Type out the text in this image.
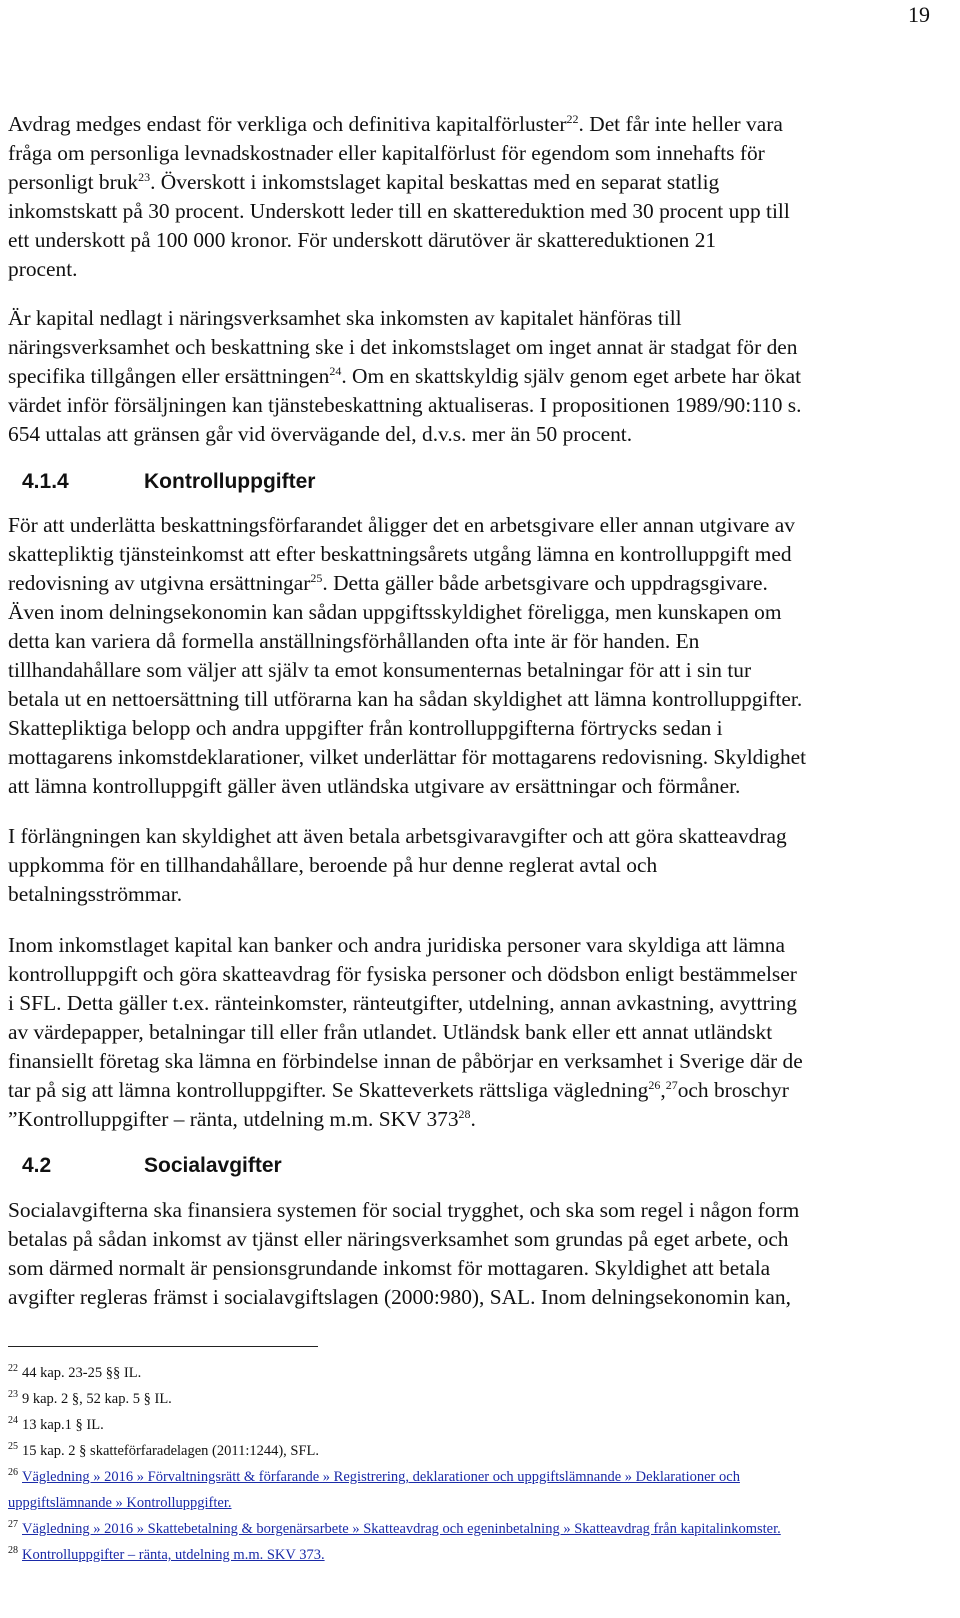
19
Avdrag medges endast för verkliga och definitiva kapitalförluster$^{22}$. Det får inte heller vara
fråga om personliga levnadskostnader eller kapitalförlust för egendom som innehafts för
personligt bruk$^{23}$. Överskott i inkomstslaget kapital beskattas med en separat statlig
inkomstskatt på 30 procent. Underskott leder till en skattereduktion med 30 procent upp till
ett underskott på 100 000 kronor. För underskott därutöver är skattereduktionen 21
procent.
Är kapital nedlagt i näringsverksamhet ska inkomsten av kapitalet hänföras till
näringsverksamhet och beskattning ske i det inkomstslaget om inget annat är stadgat för den
specifika tillgången eller ersättningen$^{24}$. Om en skattskyldig själv genom eget arbete har ökat
värdet inför försäljningen kan tjänstebeskattning aktualiseras. I propositionen 1989/90:110 s.
654 uttalas att gränsen går vid övervägande del, d.v.s. mer än 50 procent.
4.1.4	Kontrolluppgifter
För att underlätta beskattningsförfarandet åligger det en arbetsgivare eller annan utgivare av
skattepliktig tjänsteinkomst att efter beskattningsårets utgång lämna en kontrolluppgift med
redovisning av utgivna ersättningar$^{25}$. Detta gäller både arbetsgivare och uppdragsgivare.
Även inom delningsekonomin kan sådan uppgiftsskyldighet föreligga, men kunskapen om
detta kan variera då formella anställningsförhållanden ofta inte är för handen. En
tillhandahållare som väljer att själv ta emot konsumenternas betalningar för att i sin tur
betala ut en nettoersättning till utförarna kan ha sådan skyldighet att lämna kontrolluppgifter.
Skattepliktiga belopp och andra uppgifter från kontrolluppgifterna förtrycks sedan i
mottagarens inkomstdeklarationer, vilket underlättar för mottagarens redovisning. Skyldighet
att lämna kontrolluppgift gäller även utländska utgivare av ersättningar och förmåner.
I förlängningen kan skyldighet att även betala arbetsgivaravgifter och att göra skatteavdrag
uppkomma för en tillhandahållare, beroende på hur denne reglerat avtal och
betalningsströmmar.
Inom inkomstlaget kapital kan banker och andra juridiska personer vara skyldiga att lämna
kontrolluppgift och göra skatteavdrag för fysiska personer och dödsbon enligt bestämmelser
i SFL. Detta gäller t.ex. ränteinkomster, ränteutgifter, utdelning, annan avkastning, avyttring
av värdepapper, betalningar till eller från utlandet. Utländsk bank eller ett annat utländskt
finansiellt företag ska lämna en förbindelse innan de påbörjar en verksamhet i Sverige där de
tar på sig att lämna kontrolluppgifter. Se Skatteverkets rättsliga vägledning$^{26}$,$^{27}$och broschyr
”Kontrolluppgifter – ränta, utdelning m.m. SKV $373^{28}$.
4.2	Socialavgifter
Socialavgifterna ska finansiera systemen för social trygghet, och ska som regel i någon form
betalas på sådan inkomst av tjänst eller näringsverksamhet som grundas på eget arbete, och
som därmed normalt är pensionsgrundande inkomst för mottagaren. Skyldighet att betala
avgifter regleras främst i socialavgiftslagen (2000:980), SAL. Inom delningsekonomin kan,
$^{22}$ 44 kap. 23-25 §§ IL.
$^{23}$ 9 kap. 2 §, 52 kap. 5 § IL.
$^{24}$ 13 kap.1 § IL.
$^{25}$ 15 kap. 2 § skatteförfaradelagen (2011:1244), SFL.
$^{26}$ Vägledning » 2016 » Förvaltningsrätt & förfarande » Registrering, deklarationer och uppgiftslämnande » Deklarationer och
uppgiftslämnande » Kontrolluppgifter.
$^{27}$ Vägledning » 2016 » Skattebetalning & borgenärsarbete » Skatteavdrag och egeninbetalning » Skatteavdrag från kapitalinkomster.
$^{28}$ Kontrolluppgifter – ränta, utdelning m.m. SKV 373.
